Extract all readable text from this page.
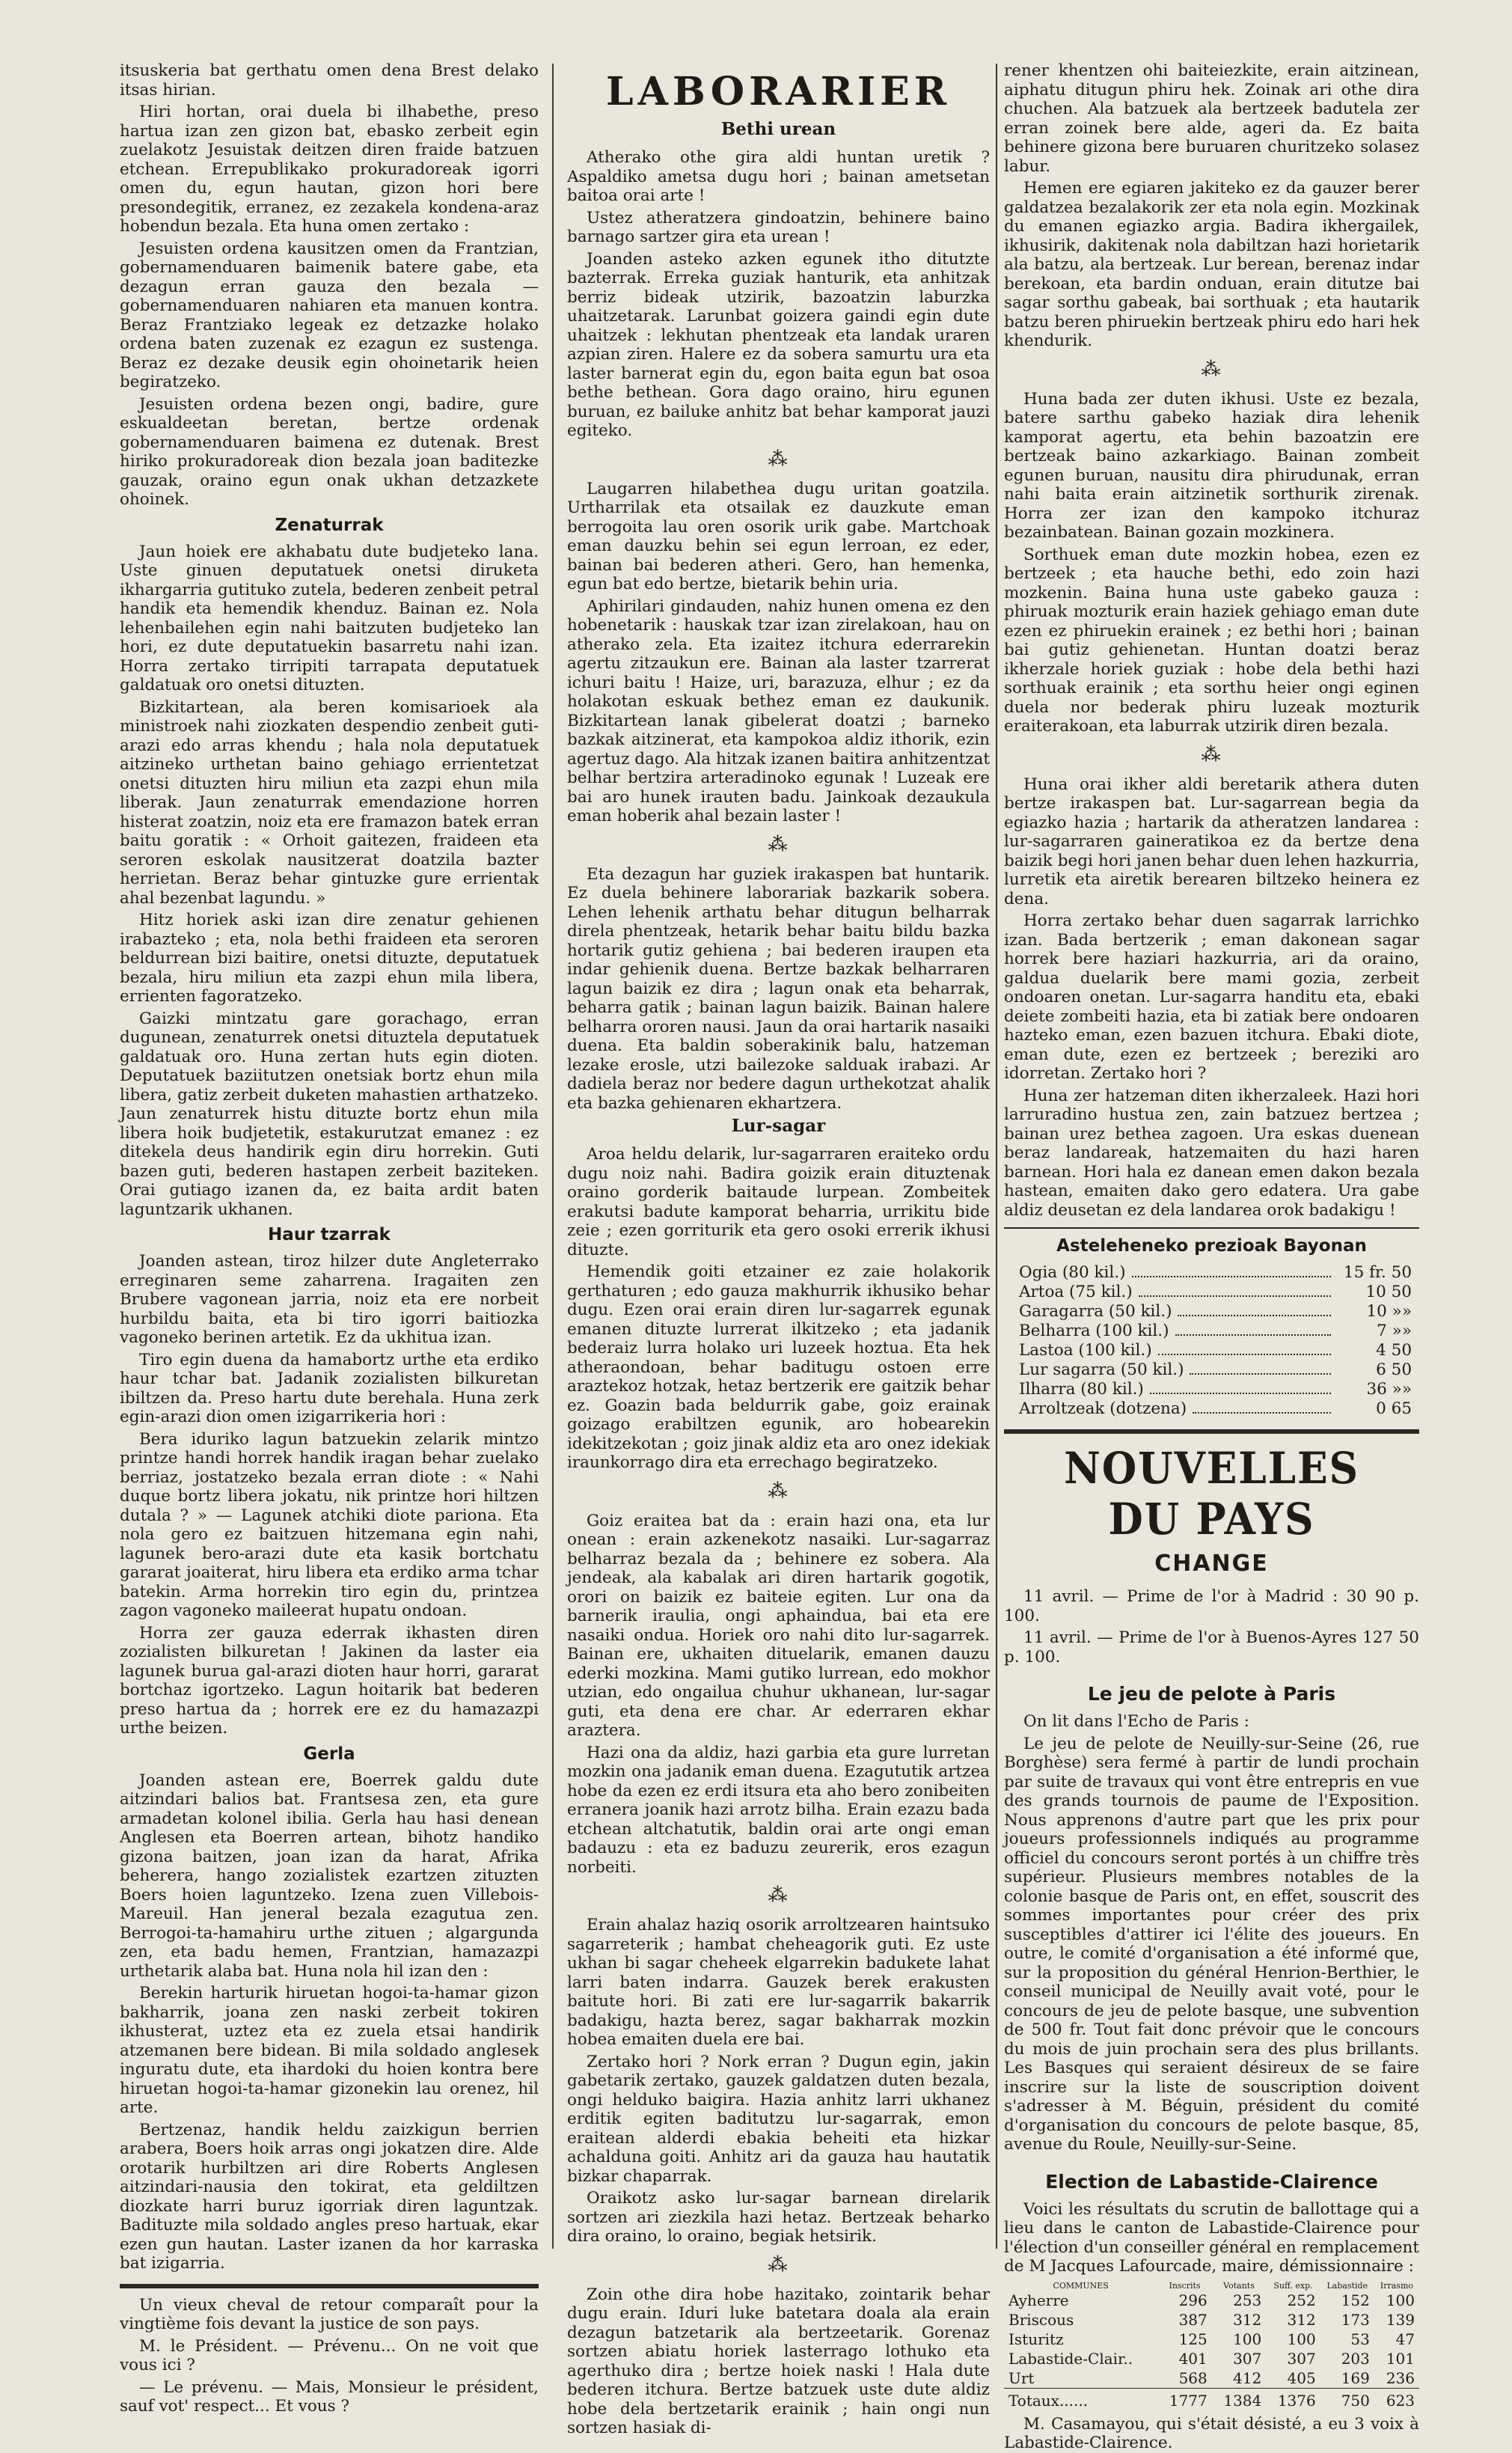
itsuskeria bat gerthatu omen dena Brest delako itsas hirian.

Hiri hortan, orai duela bi ilhabethe, preso hartua izan zen gizon bat, ebasko zerbeit egin zuelakotz Jesuistak deitzen diren fraide batzuen etchean. Errepublikako prokuradoreak igorri omen du, egun hautan, gizon hori bere presondegitik, erranez, ez zezakela kondena-araz hobendun bezala. Eta huna omen zertako :

Jesuisten ordena kausitzen omen da Frantzian, gobernamenduaren baimenik batere gabe, eta dezagun erran gauza den bezala — gobernamenduaren nahiaren eta manuen kontra. Beraz Frantziako legeak ez detzazke holako ordena baten zuzenak ez ezagun ez sustenga. Beraz ez dezake deusik egin ohoinetarik heien begiratzeko.

Jesuisten ordena bezen ongi, badire, gure eskualdeetan beretan, bertze ordenak gobernamenduaren baimena ez dutenak. Brest hiriko prokuradoreak dion bezala joan baditezke gauzak, oraino egun onak ukhan detzazkete ohoinek.

Zenaturrak

Jaun hoiek ere akhabatu dute budjeteko lana. Uste ginuen deputatuek onetsi diruketa ikhargarria gutituko zutela, bederen zenbeit petral handik eta hemendik khenduz. Bainan ez. Nola lehenbailehen egin nahi baitzuten budjeteko lan hori, ez dute deputatuekin basarretu nahi izan. Horra zertako tirripiti tarrapata deputatuek galdatuak oro onetsi dituzten.

Bizkitartean, ala beren komisarioek ala ministroek nahi ziozkaten despendio zenbeit guti-arazi edo arras khendu ; hala nola deputatuek aitzineko urthetan baino gehiago errientetzat onetsi dituzten hiru miliun eta zazpi ehun mila liberak. Jaun zenaturrak emendazione horren histerat zoatzin, noiz eta ere framazon batek erran baitu goratik : « Orhoit gaitezen, fraideen eta seroren eskolak nausitzerat doatzila bazter herrietan. Beraz behar gintuzke gure errientak ahal bezenbat lagundu. »

Hitz horiek aski izan dire zenatur gehienen irabazteko ; eta, nola bethi fraideen eta seroren beldurrean bizi baitire, onetsi dituzte, deputatuek bezala, hiru miliun eta zazpi ehun mila libera, errienten fagoratzeko.

Gaizki mintzatu gare gorachago, erran dugunean, zenaturrek onetsi dituztela deputatuek galdatuak oro. Huna zertan huts egin dioten. Deputatuek baziitutzen onetsiak bortz ehun mila libera, gatiz zerbeit duketen mahastien arthatzeko. Jaun zenaturrek histu dituzte bortz ehun mila libera hoik budjetetik, estakurutzat emanez : ez ditekela deus handirik egin diru horrekin. Guti bazen guti, bederen hastapen zerbeit baziteken. Orai gutiago izanen da, ez baita ardit baten laguntzarik ukhanen.

Haur tzarrak

Joanden astean, tiroz hilzer dute Angleterrako erreginaren seme zaharrena. Iragaiten zen Brubere vagonean jarria, noiz eta ere norbeit hurbildu baita, eta bi tiro igorri baitiozka vagoneko berinen artetik. Ez da ukhitua izan.

Tiro egin duena da hamabortz urthe eta erdiko haur tchar bat. Jadanik zozialisten bilkuretan ibiltzen da. Preso hartu dute berehala. Huna zerk egin-arazi dion omen izigarrikeria hori :

Bera iduriko lagun batzuekin zelarik mintzo printze handi horrek handik iragan behar zuelako berriaz, jostatzeko bezala erran diote : « Nahi duque bortz libera jokatu, nik printze hori hiltzen dutala ? » — Lagunek atchiki diote pariona. Eta nola gero ez baitzuen hitzemana egin nahi, lagunek bero-arazi dute eta kasik bortchatu gararat joaiterat, hiru libera eta erdiko arma tchar batekin. Arma horrekin tiro egin du, printzea zagon vagoneko maileerat hupatu ondoan.

Horra zer gauza ederrak ikhasten diren zozialisten bilkuretan ! Jakinen da laster eia lagunek burua gal-arazi dioten haur horri, gararat bortchaz igortzeko. Lagun hoitarik bat bederen preso hartua da ; horrek ere ez du hamazazpi urthe beizen.

Gerla

Joanden astean ere, Boerrek galdu dute aitzindari balios bat. Frantsesa zen, eta gure armadetan kolonel ibilia. Gerla hau hasi denean Anglesen eta Boerren artean, bihotz handiko gizona baitzen, joan izan da harat, Afrika beherera, hango zozialistek ezartzen zituzten Boers hoien laguntzeko. Izena zuen Villebois-Mareuil. Han jeneral bezala ezagutua zen. Berrogoi-ta-hamahiru urthe zituen ; algargunda zen, eta badu hemen, Frantzian, hamazazpi urthetarik alaba bat. Huna nola hil izan den :

Berekin harturik hiruetan hogoi-ta-hamar gizon bakharrik, joana zen naski zerbeit tokiren ikhusterat, uztez eta ez zuela etsai handirik atzemanen bere bidean. Bi mila soldado anglesek inguratu dute, eta ihardoki du hoien kontra bere hiruetan hogoi-ta-hamar gizonekin lau orenez, hil arte.

Bertzenaz, handik heldu zaizkigun berrien arabera, Boers hoik arras ongi jokatzen dire. Alde orotarik hurbiltzen ari dire Roberts Anglesen aitzindari-nausia den tokirat, eta geldiltzen diozkate harri buruz igorriak diren laguntzak. Badituzte mila soldado angles preso hartuak, ekar ezen gun hautan. Laster izanen da hor karraska bat izigarria.

Un vieux cheval de retour comparaît pour la vingtième fois devant la justice de son pays.

M. le Président. — Prévenu... On ne voit que vous ici ?

— Le prévenu. — Mais, Monsieur le président, sauf vot' respect... Et vous ?

LABORARIER
Bethi urean

Atherako othe gira aldi huntan uretik ? Aspaldiko ametsa dugu hori ; bainan ametsetan baitoa orai arte !

Ustez atheratzera gindoatzin, behinere baino barnago sartzer gira eta urean !

Joanden asteko azken egunek itho ditutzte bazterrak. Erreka guziak hanturik, eta anhitzak berriz bideak utzirik, bazoatzin laburzka uhaitzetarak. Larunbat goizera gaindi egin dute uhaitzek : lekhutan phentzeak eta landak uraren azpian ziren. Halere ez da sobera samurtu ura eta laster barnerat egin du, egon baita egun bat osoa bethe bethean. Gora dago oraino, hiru egunen buruan, ez bailuke anhitz bat behar kamporat jauzi egiteko.

⁂

Laugarren hilabethea dugu uritan goatzila. Urtharrilak eta otsailak ez dauzkute eman berrogoita lau oren osorik urik gabe. Martchoak eman dauzku behin sei egun lerroan, ez eder, bainan bai bederen atheri. Gero, han hemenka, egun bat edo bertze, bietarik behin uria.

Aphirilari gindauden, nahiz hunen omena ez den hobenetarik : hauskak tzar izan zirelakoan, hau on atherako zela. Eta izaitez itchura ederrarekin agertu zitzaukun ere. Bainan ala laster tzarrerat ichuri baitu ! Haize, uri, barazuza, elhur ; ez da holakotan eskuak bethez eman ez daukunik. Bizkitartean lanak gibelerat doatzi ; barneko bazkak aitzinerat, eta kampokoa aldiz ithorik, ezin agertuz dago. Ala hitzak izanen baitira anhitzentzat belhar bertzira arteradinoko egunak ! Luzeak ere bai aro hunek irauten badu. Jainkoak dezaukula eman hoberik ahal bezain laster !

⁂

Eta dezagun har guziek irakaspen bat huntarik. Ez duela behinere laborariak bazkarik sobera. Lehen lehenik arthatu behar ditugun belharrak direla phentzeak, hetarik behar baitu bildu bazka hortarik gutiz gehiena ; bai bederen iraupen eta indar gehienik duena. Bertze bazkak belharraren lagun baizik ez dira ; lagun onak eta beharrak, beharra gatik ; bainan lagun baizik. Bainan halere belharra ororen nausi. Jaun da orai hartarik nasaiki duena. Eta baldin soberakinik balu, hatzeman lezake erosle, utzi bailezoke salduak irabazi. Ar dadiela beraz nor bedere dagun urthekotzat ahalik eta bazka gehienaren ekhartzera.

Lur-sagar

Aroa heldu delarik, lur-sagarraren eraiteko ordu dugu noiz nahi. Badira goizik erain dituztenak oraino gorderik baitaude lurpean. Zombeitek erakutsi badute kamporat beharria, urrikitu bide zeie ; ezen gorriturik eta gero osoki errerik ikhusi dituzte.

Hemendik goiti etzainer ez zaie holakorik gerthaturen ; edo gauza makhurrik ikhusiko behar dugu. Ezen orai erain diren lur-sagarrek egunak emanen dituzte lurrerat ilkitzeko ; eta jadanik bederaiz lurra holako uri luzeek hoztua. Eta hek atheraondoan, behar baditugu ostoen erre araztekoz hotzak, hetaz bertzerik ere gaitzik behar ez. Goazin bada beldurrik gabe, goiz erainak goizago erabiltzen egunik, aro hobearekin idekitzekotan ; goiz jinak aldiz eta aro onez idekiak iraunkorrago dira eta errechago begiratzeko.

⁂

Goiz eraitea bat da : erain hazi ona, eta lur onean : erain azkenekotz nasaiki. Lur-sagarraz belharraz bezala da ; behinere ez sobera. Ala jendeak, ala kabalak ari diren hartarik gogotik, orori on baizik ez baiteie egiten. Lur ona da barnerik iraulia, ongi aphaindua, bai eta ere nasaiki ondua. Horiek oro nahi dito lur-sagarrek. Bainan ere, ukhaiten dituelarik, emanen dauzu ederki mozkina. Mami gutiko lurrean, edo mokhor utzian, edo ongailua chuhur ukhanean, lur-sagar guti, eta dena ere char. Ar ederraren ekhar araztera.

Hazi ona da aldiz, hazi garbia eta gure lurretan mozkin ona jadanik eman duena. Ezagututik artzea hobe da ezen ez erdi itsura eta aho bero zonibeiten erranera joanik hazi arrotz bilha. Erain ezazu bada etchean altchatutik, baldin orai arte ongi eman badauzu : eta ez baduzu zeurerik, eros ezagun norbeiti.

⁂

Erain ahalaz haziq osorik arroltzearen haintsuko sagarreterik ; hambat cheheagorik guti. Ez uste ukhan bi sagar cheheek elgarrekin badukete lahat larri baten indarra. Gauzek berek erakusten baitute hori. Bi zati ere lur-sagarrik bakarrik badakigu, hazta berez, sagar bakharrak mozkin hobea emaiten duela ere bai.

Zertako hori ? Nork erran ? Dugun egin, jakin gabetarik zertako, gauzek galdatzen duten bezala, ongi helduko baigira. Hazia anhitz larri ukhanez erditik egiten baditutzu lur-sagarrak, emon eraitean alderdi ebakia beheiti eta hizkar achalduna goiti. Anhitz ari da gauza hau hautatik bizkar chaparrak.

Oraikotz asko lur-sagar barnean direlarik sortzen ari ziezkila hazi hetaz. Bertzeak beharko dira oraino, lo oraino, begiak hetsirik.

⁂

Zoin othe dira hobe hazitako, zointarik behar dugu erain. Iduri luke batetara doala ala erain dezagun batzetarik ala bertzeetarik. Gorenaz sortzen abiatu horiek lasterrago lothuko eta agerthuko dira ; bertze hoiek naski ! Hala dute bederen itchura. Bertze batzuek uste dute aldiz hobe dela bertzetarik erainik ; hain ongi nun sortzen hasiak di-

rener khentzen ohi baiteiezkite, erain aitzinean, aiphatu ditugun phiru hek. Zoinak ari othe dira chuchen. Ala batzuek ala bertzeek badutela zer erran zoinek bere alde, ageri da. Ez baita behinere gizona bere buruaren churitzeko solasez labur.

Hemen ere egiaren jakiteko ez da gauzer berer galdatzea bezalakorik zer eta nola egin. Mozkinak du emanen egiazko argia. Badira ikhergailek, ikhusirik, dakitenak nola dabiltzan hazi horietarik ala batzu, ala bertzeak. Lur berean, berenaz indar berekoan, eta bardin onduan, erain ditutze bai sagar sorthu gabeak, bai sorthuak ; eta hautarik batzu beren phiruekin bertzeak phiru edo hari hek khendurik.

⁂

Huna bada zer duten ikhusi. Uste ez bezala, batere sarthu gabeko haziak dira lehenik kamporat agertu, eta behin bazoatzin ere bertzeak baino azkarkiago. Bainan zombeit egunen buruan, nausitu dira phirudunak, erran nahi baita erain aitzinetik sorthurik zirenak. Horra zer izan den kampoko itchuraz bezainbatean. Bainan gozain mozkinera.

Sorthuek eman dute mozkin hobea, ezen ez bertzeek ; eta hauche bethi, edo zoin hazi mozkenin. Baina huna uste gabeko gauza : phiruak mozturik erain haziek gehiago eman dute ezen ez phiruekin erainek ; ez bethi hori ; bainan bai gutiz gehienetan. Huntan doatzi beraz ikherzale horiek guziak : hobe dela bethi hazi sorthuak erainik ; eta sorthu heier ongi eginen duela nor bederak phiru luzeak mozturik eraiterakoan, eta laburrak utzirik diren bezala.

⁂

Huna orai ikher aldi beretarik athera duten bertze irakaspen bat. Lur-sagarrean begia da egiazko hazia ; hartarik da atheratzen landarea : lur-sagarraren gaineratikoa ez da bertze dena baizik begi hori janen behar duen lehen hazkurria, lurretik eta airetik berearen biltzeko heinera ez dena.

Horra zertako behar duen sagarrak larrichko izan. Bada bertzerik ; eman dakonean sagar horrek bere haziari hazkurria, ari da oraino, galdua duelarik bere mami gozia, zerbeit ondoaren onetan. Lur-sagarra handitu eta, ebaki deiete zombeiti hazia, eta bi zatiak bere ondoaren hazteko eman, ezen bazuen itchura. Ebaki diote, eman dute, ezen ez bertzeek ; bereziki aro idorretan. Zertako hori ?

Huna zer hatzeman diten ikherzaleek. Hazi hori larruradino hustua zen, zain batzuez bertzea ; bainan urez bethea zagoen. Ura eskas duenean beraz landareak, hatzemaiten du hazi haren barnean. Hori hala ez danean emen dakon bezala hastean, emaiten dako gero edatera. Ura gabe aldiz deusetan ez dela landarea orok badakigu !

Asteleheneko prezioak Bayonan
Ogia (80 kil.)	15 fr. 50
Artoa (75 kil.)	10 50
Garagarra (50 kil.)	10 »»
Belharra (100 kil.)	7 »»
Lastoa (100 kil.)	4 50
Lur sagarra (50 kil.)	6 50
Ilharra (80 kil.)	36 »»
Arroltzeak (dotzena)	0 65
NOUVELLES DU PAYS
CHANGE

11 avril. — Prime de l'or à Madrid : 30 90 p. 100.

11 avril. — Prime de l'or à Buenos-Ayres 127 50 p. 100.

Le jeu de pelote à Paris

On lit dans l'Echo de Paris :

Le jeu de pelote de Neuilly-sur-Seine (26, rue Borghèse) sera fermé à partir de lundi prochain par suite de travaux qui vont être entrepris en vue des grands tournois de paume de l'Exposition. Nous apprenons d'autre part que les prix pour joueurs professionnels indiqués au programme officiel du concours seront portés à un chiffre très supérieur. Plusieurs membres notables de la colonie basque de Paris ont, en effet, souscrit des sommes importantes pour créer des prix susceptibles d'attirer ici l'élite des joueurs. En outre, le comité d'organisation a été informé que, sur la proposition du général Henrion-Berthier, le conseil municipal de Neuilly avait voté, pour le concours de jeu de pelote basque, une subvention de 500 fr. Tout fait donc prévoir que le concours du mois de juin prochain sera des plus brillants. Les Basques qui seraient désireux de se faire inscrire sur la liste de souscription doivent s'adresser à M. Béguin, président du comité d'organisation du concours de pelote basque, 85, avenue du Roule, Neuilly-sur-Seine.

Election de Labastide-Clairence

Voici les résultats du scrutin de ballottage qui a lieu dans le canton de Labastide-Clairence pour l'élection d'un conseiller général en remplacement de M Jacques Lafourcade, maire, démissionnaire :

COMMUNES	Inscrits	Votants	Suff. exp.	Labastide	Irrasmo
Ayherre	296	253	252	152	100
Briscous	387	312	312	173	139
Isturitz	125	100	100	53	47
Labastide-Clair..	401	307	307	203	101
Urt	568	412	405	169	236
Totaux......	1777	1384	1376	750	623

M. Casamayou, qui s'était désisté, a eu 3 voix à Labastide-Clairence.
